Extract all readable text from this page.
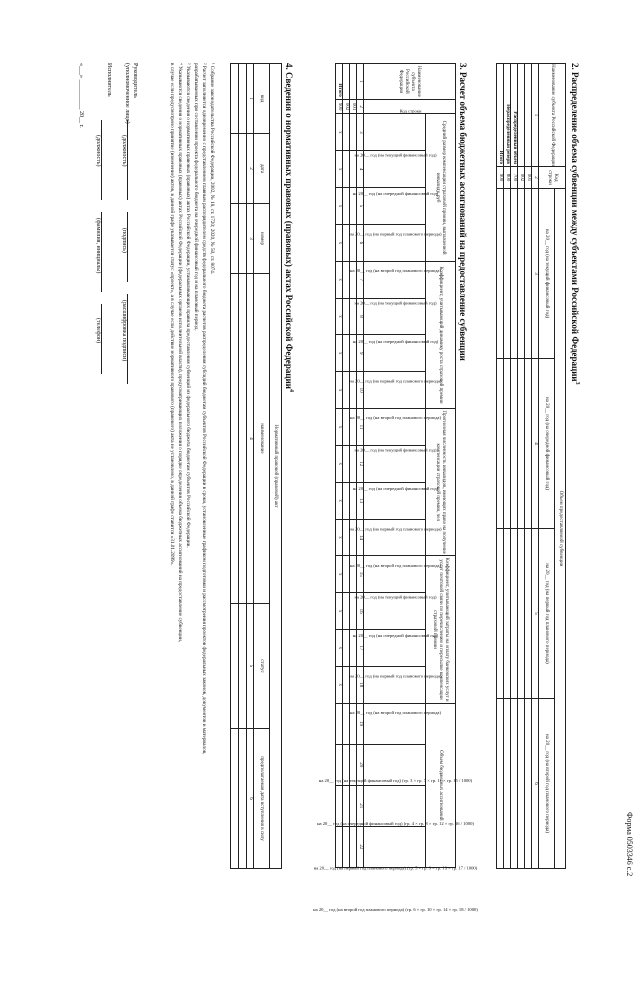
Форма 0503346 с.2
2. Распределение объема субвенции между субъектами Российской Федерации$^3$
Наименование субъекта Российской Федерации	Код строки	Объем предоставляемой субвенции			
		на 20__ год (на текущий финансовый год)	на 20__ год (на очередной финансовый год)	на 20__ год (на первый год планового периода)	на 20__ год (на второй год планового периода)
1	2	3	4	5	6
	001				
	002				
Распределенный объем	700				
Нераспределенный резерв	800				
Итого	900				
3. Расчет объема бюджетных ассигнований на предоставление субвенции
Наименование субъекта Российской Федерации	Код строки	Средний размер компенсации страховой премии, выплаченной инвалиду, руб				Коэффициент, учитывающий динамику роста страховой премии				Прогнозная численность инвалидов, имеющих право на получение компенсации страховой премии, чел				Коэффициент, учитывающий затраты на оплату банковских услуг и услуг почтовой связи по перечислению и пересылке компенсации страховой премии				Объем бюджетных ассигнований			
		на 20__ год (на текущий финансовый год)	на 20__ год (на очередной финансовый год)	на 20__ год (на первый год планового периода)	на 20__ год (на второй год планового периода)	на 20__ год (на текущий финансовый год)	на 20__ год (на очередной финансовый год)	на 20__ год (на первый год планового периода)	на 20__ год (на второй год планового периода)	на 20__ год (на текущий финансовый год)	на 20__ год (на очередной финансовый год)	на 20__ год (на первый год планового периода)	на 20__ год (на второй год планового периода)	на 20__ год (на текущий финансовый год)	на 20__ год (на очередной финансовый год)	на 20__ год (на первый год планового периода)	на 20__ год (на второй год планового периода)	на 20__ год (на текущий финансовый год) (гр. 3 × гр. 7 × гр. 11 × гр. 15 / 1000)	на 20__ год (на очередной финансовый год) (гр. 4 × гр. 8 × гр. 12 × гр. 16 / 1000)	на 20__ год (на первый год планового периода) (гр. 5 × гр. 9 × гр. 13 × гр. 17 / 1000)	на 20__ год (на второй год планового периода) (гр. 6 × гр. 10 × гр. 14 × гр. 18 / 1000)
1	2	3	4	5	6	7	8	9	10	11	12	13	14	15	16	17	18	19	20	21	22
	001																				
	002																				
Итого	900	x	x	x	x	x	x	x	x	x	x	x	x	x	x	x	x				
4. Сведения о нормативных правовых (правовых) актах Российской Федерации$^4$
Нормативный правовой (правовой) акт					
вид	дата	номер	наименование	статус	предполагаемая дата вступления в силу
1	2	3	4	5	6

¹ Собрание законодательства Российской Федерации, 2002, № 18, ст. 1720; 2020, № 50, ст. 8074.
² Расчет заполняется одновременно с представлением главным распорядителем средств федерального бюджета расчетов распределения субсидий бюджетам субъектов Российской Федерации в сроки, установленные графиком подготовки и рассмотрения проектов федеральных законов, документов и материалов,
разрабатываемых при составлении проекта федерального бюджета на очередной финансовый год и на плановый период.
³ Указываются сведения о нормативных правовых (правовых) актах Российской Федерации, устанавливающих правила предоставления субвенций из федерального бюджета бюджетам субъектов Российской Федерации.
⁴ Указываются сведения о нормативных правовых (правовых) актах Российской Федерации (федеральных органов исполнительной власти), предусматривающих положения о порядке определения объема бюджетных ассигнований на предоставление субвенции,
в случае если предусмотрено принятие (изменение) актов, в данной графе указывается статус «проект», а в случае если действие нормативного правового (правового) акта не установлено, в данной графе ставится «31.01.2099».
Руководитель
(уполномоченное лицо)
(должность)
(подпись)
(расшифровка подписи)
Исполнитель
(должность)
(фамилия, инициалы)
(телефон)
«___» __________ 20__ г.
